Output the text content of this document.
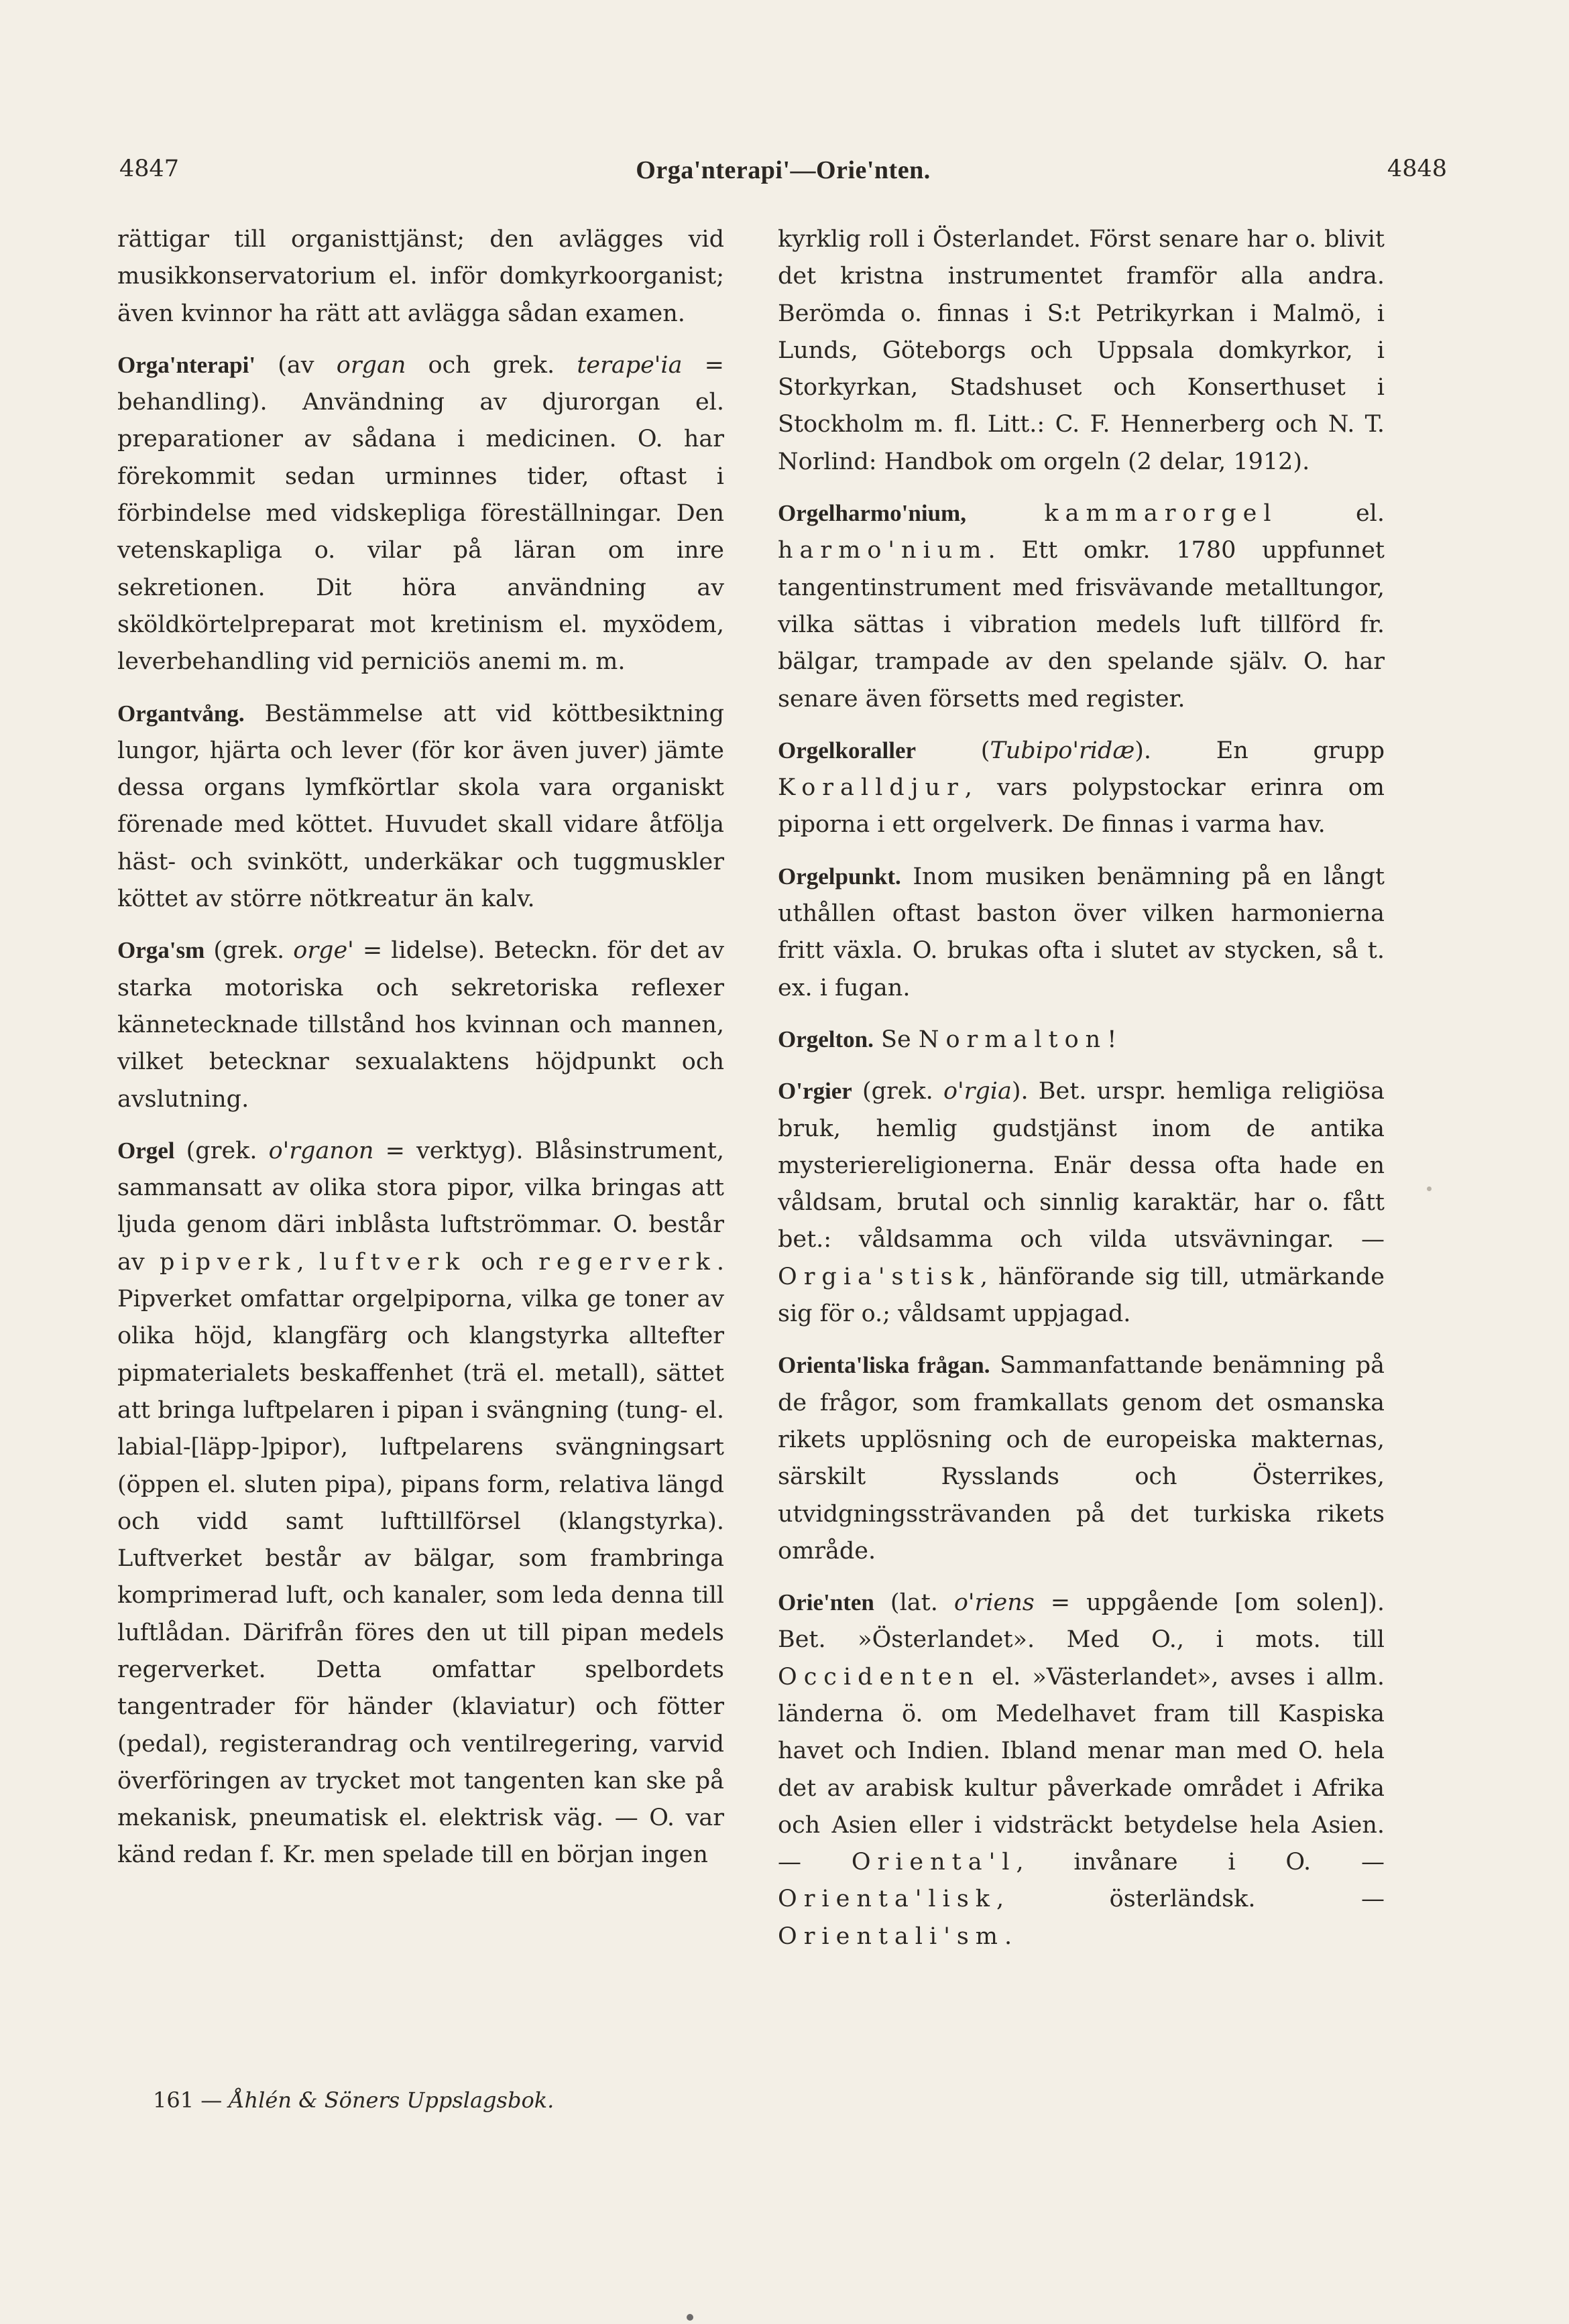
4847	Orga'nterapi'—Orie'nten.	4848

rättigar till organisttjänst; den avlägges vid musikkonservatorium el. inför domkyrkoorganist; även kvinnor ha rätt att avlägga sådan examen.

Orga'nterapi' (av organ och grek. terape'ia = behandling). Användning av djurorgan el. preparationer av sådana i medicinen. O. har förekommit sedan urminnes tider, oftast i förbindelse med vidskepliga föreställningar. Den vetenskapliga o. vilar på läran om inre sekretionen. Dit höra användning av sköldkörtelpreparat mot kretinism el. myxödem, leverbehandling vid perniciös anemi m. m.

Organtvång. Bestämmelse att vid köttbesiktning lungor, hjärta och lever (för kor även juver) jämte dessa organs lymfkörtlar skola vara organiskt förenade med köttet. Huvudet skall vidare åtfölja häst- och svinkött, underkäkar och tuggmuskler köttet av större nötkreatur än kalv.

Orga'sm (grek. orge' = lidelse). Beteckn. för det av starka motoriska och sekretoriska reflexer kännetecknade tillstånd hos kvinnan och mannen, vilket betecknar sexualaktens höjdpunkt och avslutning.

Orgel (grek. o'rganon = verktyg). Blåsinstrument, sammansatt av olika stora pipor, vilka bringas att ljuda genom däri inblåsta luftströmmar. O. består av pipverk, luftverk och regerverk. Pipverket omfattar orgelpiporna, vilka ge toner av olika höjd, klangfärg och klangstyrka alltefter pipmaterialets beskaffenhet (trä el. metall), sättet att bringa luftpelaren i pipan i svängning (tung- el. labial-[läpp-]pipor), luftpelarens svängningsart (öppen el. sluten pipa), pipans form, relativa längd och vidd samt lufttillförsel (klangstyrka). Luftverket består av bälgar, som frambringa komprimerad luft, och kanaler, som leda denna till luftlådan. Därifrån föres den ut till pipan medels regerverket. Detta omfattar spelbordets tangentrader för händer (klaviatur) och fötter (pedal), registerandrag och ventilregering, varvid överföringen av trycket mot tangenten kan ske på mekanisk, pneumatisk el. elektrisk väg. — O. var känd redan f. Kr. men spelade till en början ingen

kyrklig roll i Österlandet. Först senare har o. blivit det kristna instrumentet framför alla andra. Berömda o. finnas i S:t Petrikyrkan i Malmö, i Lunds, Göteborgs och Uppsala domkyrkor, i Storkyrkan, Stadshuset och Konserthuset i Stockholm m. fl. Litt.: C. F. Hennerberg och N. T. Norlind: Handbok om orgeln (2 delar, 1912).

Orgelharmo'nium,	kammarorgel el. harmo'nium. Ett omkr. 1780 uppfunnet tangentinstrument med frisvävande metalltungor, vilka sättas i vibration medels luft tillförd fr. bälgar, trampade av den spelande själv. O. har senare även försetts med register.

Orgelkoraller (Tubipo'ridæ). En grupp Koralldjur, vars polypstockar erinra om piporna i ett orgelverk. De finnas i varma hav.

Orgelpunkt. Inom musiken benämning på en långt uthållen oftast baston över vilken harmonierna fritt växla. O. brukas ofta i slutet av stycken, så t. ex. i fugan.

Orgelton. Se Normalton!

O'rgier (grek. o'rgia). Bet. urspr. hemliga religiösa bruk, hemlig gudstjänst inom de antika mysteriereligionerna. Enär dessa ofta hade en våldsam, brutal och sinnlig karaktär, har o. fått bet.: våldsamma och vilda utsvävningar. — Orgia'stisk, hänförande sig till, utmärkande sig för o.; våldsamt uppjagad.

Orienta'liska frågan. Sammanfattande benämning på de frågor, som framkallats genom det osmanska rikets upplösning och de europeiska makternas, särskilt Rysslands och Österrikes, utvidgningssträvanden på det turkiska rikets område.

Orie'nten (lat. o'riens = uppgående [om solen]). Bet. »Österlandet». Med O., i mots. till Occidenten el. »Västerlandet», avses i allm. länderna ö. om Medelhavet fram till Kaspiska havet och Indien. Ibland menar man med O. hela det av arabisk kultur påverkade området i Afrika och Asien eller i vidsträckt betydelse hela Asien. — Orienta'l, invånare i O. — Orienta'lisk, österländsk. — Orientali'sm.

161 — Åhlén & Söners Uppslagsbok.
